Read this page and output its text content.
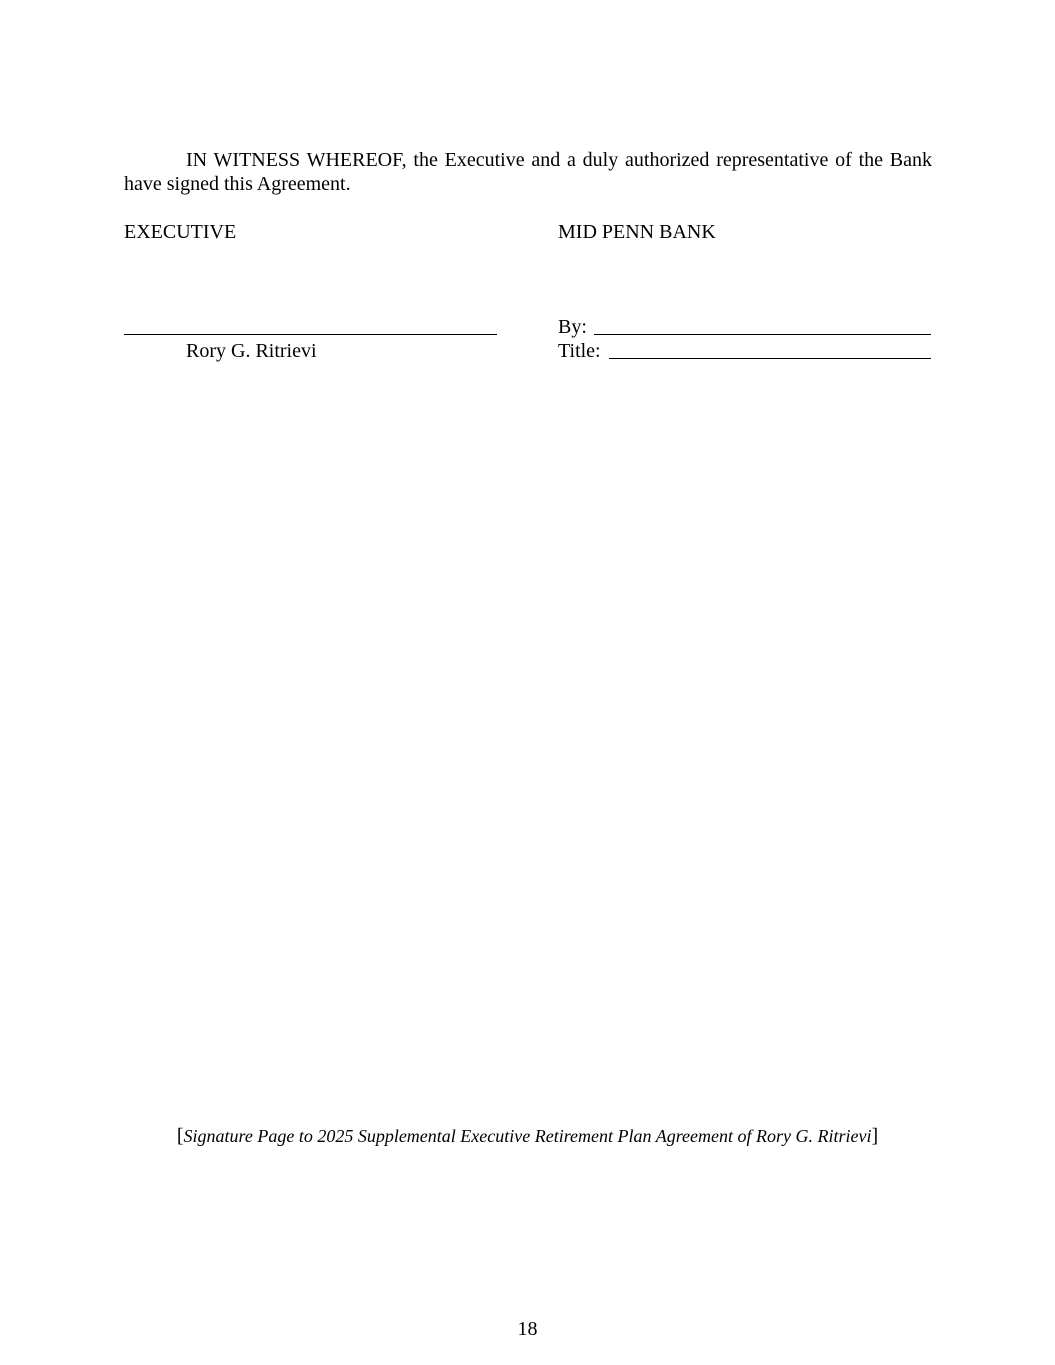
IN WITNESS WHEREOF, the Executive and a duly authorized representative of the Bank have signed this Agreement.
EXECUTIVE	MID PENN BANK
Rory G. Ritrievi
By:
Title:
[Signature Page to 2025 Supplemental Executive Retirement Plan Agreement of Rory G. Ritrievi]
18
